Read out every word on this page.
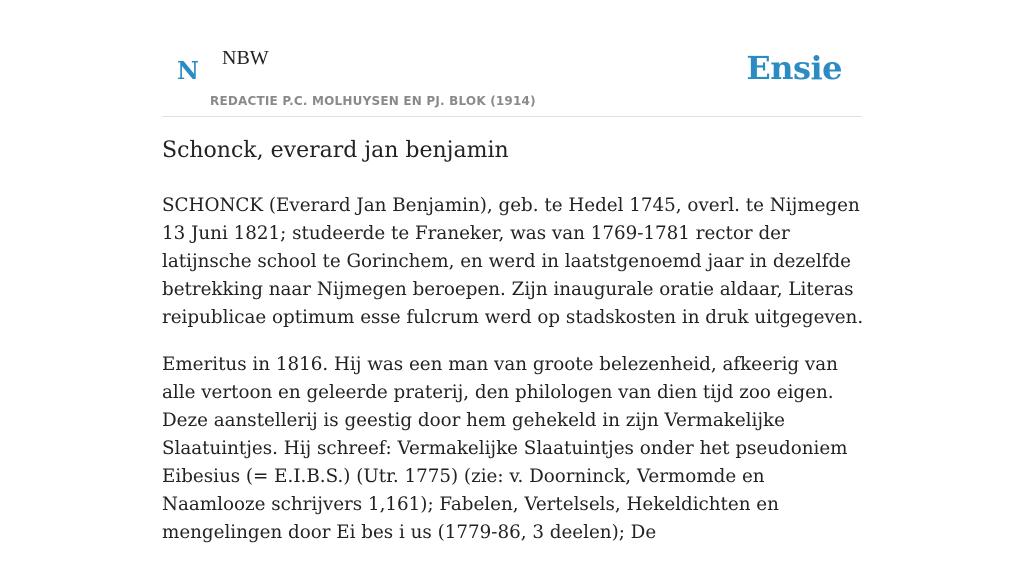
N NBW
REDACTIE P.C. MOLHUYSEN EN PJ. BLOK (1914)
Ensie
Schonck, everard jan benjamin

SCHONCK (Everard Jan Benjamin), geb. te Hedel 1745, overl. te Nijmegen 13 Juni 1821; studeerde te Franeker, was van 1769-1781 rector der latijnsche school te Gorinchem, en werd in laatstgenoemd jaar in dezelfde betrekking naar Nijmegen beroepen. Zijn inaugurale oratie aldaar, Literas reipublicae optimum esse fulcrum werd op stadskosten in druk uitgegeven.

Emeritus in 1816. Hij was een man van groote belezenheid, afkeerig van alle vertoon en geleerde praterij, den philologen van dien tijd zoo eigen. Deze aanstellerij is geestig door hem gehekeld in zijn Vermakelijke Slaatuintjes. Hij schreef: Vermakelijke Slaatuintjes onder het pseudoniem Eibesius (= E.I.B.S.) (Utr. 1775) (zie: v. Doorninck, Vermomde en Naamlooze schrijvers 1,161); Fabelen, Vertelsels, Hekeldichten en mengelingen door Ei bes i us (1779-86, 3 deelen); De
